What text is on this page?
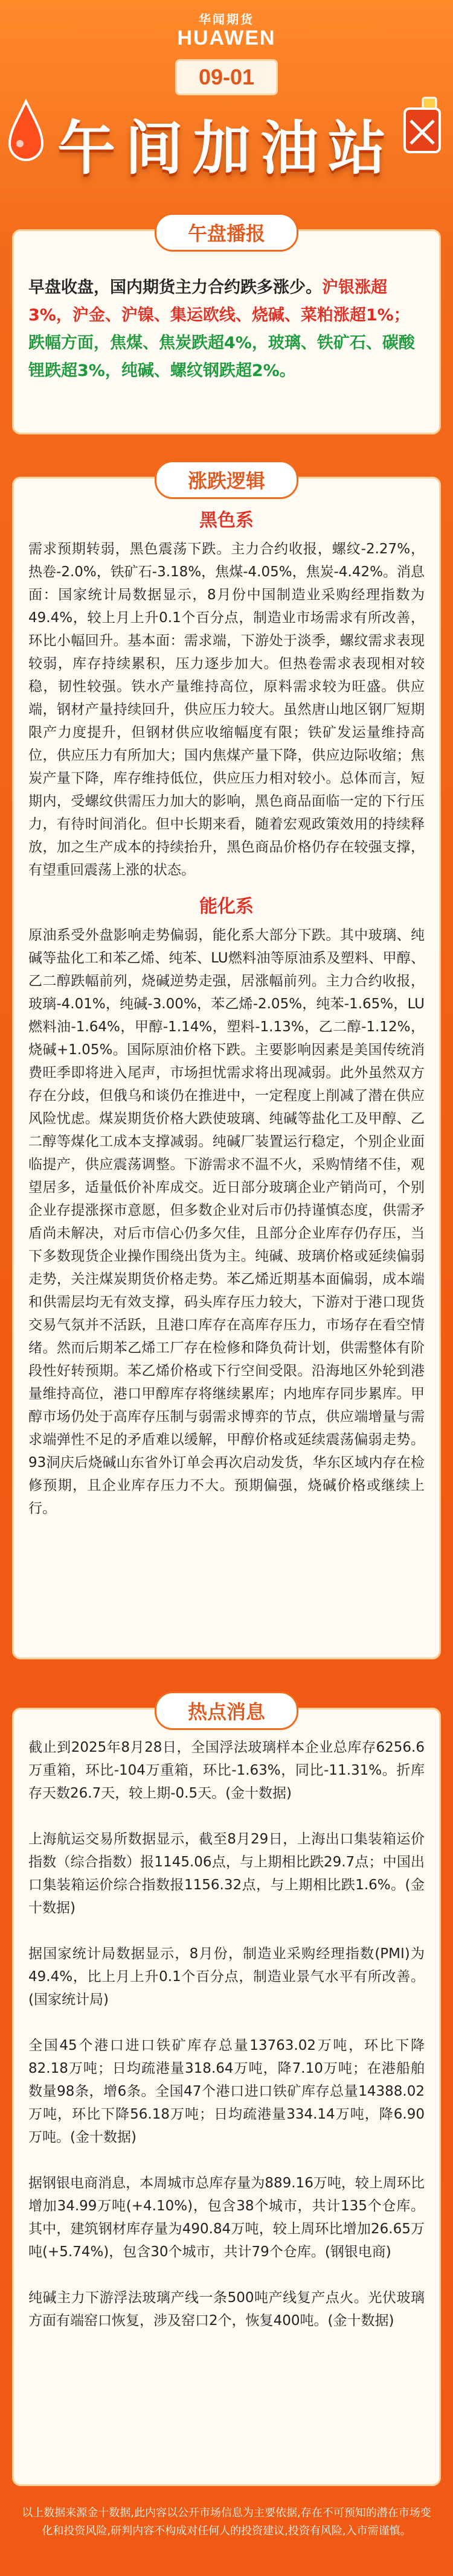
华闻期货
HUAWEN
09-01
午间加油站
午盘播报

早盘收盘，国内期货主力合约跌多涨少。沪银涨超3%，沪金、沪镍、集运欧线、烧碱、菜粕涨超1%；跌幅方面，焦煤、焦炭跌超4%，玻璃、铁矿石、碳酸锂跌超3%，纯碱、螺纹钢跌超2%。

涨跌逻辑
黑色系

需求预期转弱，黑色震荡下跌。主力合约收报，螺纹-2.27%，热卷-2.0%，铁矿石-3.18%，焦煤-4.05%，焦炭-4.42%。消息面：国家统计局数据显示，8月份中国制造业采购经理指数为49.4%，较上月上升0.1个百分点，制造业市场需求有所改善，环比小幅回升。基本面：需求端，下游处于淡季，螺纹需求表现较弱，库存持续累积，压力逐步加大。但热卷需求表现相对较稳，韧性较强。铁水产量维持高位，原料需求较为旺盛。供应端，钢材产量持续回升，供应压力较大。虽然唐山地区钢厂短期限产力度提升，但钢材供应收缩幅度有限；铁矿发运量维持高位，供应压力有所加大；国内焦煤产量下降，供应边际收缩；焦炭产量下降，库存维持低位，供应压力相对较小。总体而言，短期内，受螺纹供需压力加大的影响，黑色商品面临一定的下行压力，有待时间消化。但中长期来看，随着宏观政策效用的持续释放，加之生产成本的持续抬升，黑色商品价格仍存在较强支撑，有望重回震荡上涨的状态。

能化系

原油系受外盘影响走势偏弱，能化系大部分下跌。其中玻璃、纯碱等盐化工和苯乙烯、纯苯、LU燃料油等原油系及塑料、甲醇、乙二醇跌幅前列，烧碱逆势走强，居涨幅前列。主力合约收报，玻璃-4.01%，纯碱-3.00%，苯乙烯-2.05%，纯苯-1.65%，LU燃料油-1.64%，甲醇-1.14%，塑料-1.13%，乙二醇-1.12%，烧碱+1.05%。国际原油价格下跌。主要影响因素是美国传统消费旺季即将进入尾声，市场担忧需求将出现减弱。此外虽然双方存在分歧，但俄乌和谈仍在推进中，一定程度上削减了潜在供应风险忧虑。煤炭期货价格大跌使玻璃、纯碱等盐化工及甲醇、乙二醇等煤化工成本支撑减弱。纯碱厂装置运行稳定，个别企业面临提产，供应震荡调整。下游需求不温不火，采购情绪不佳，观望居多，适量低价补库成交。近日部分玻璃企业产销尚可，个别企业存提涨探市意愿，但多数企业对后市仍持谨慎态度，供需矛盾尚未解决，对后市信心仍多欠佳，且部分企业库存仍存压，当下多数现货企业操作围绕出货为主。纯碱、玻璃价格或延续偏弱走势，关注煤炭期货价格走势。苯乙烯近期基本面偏弱，成本端和供需层均无有效支撑，码头库存压力较大，下游对于港口现货交易气氛并不活跃，且港口库存在高库存压力，市场存在看空情绪。然而后期苯乙烯工厂存在检修和降负荷计划，供需整体有阶段性好转预期。苯乙烯价格或下行空间受限。沿海地区外轮到港量维持高位，港口甲醇库存将继续累库；内地库存同步累库。甲醇市场仍处于高库存压制与弱需求博弈的节点，供应端增量与需求端弹性不足的矛盾难以缓解，甲醇价格或延续震荡偏弱走势。93洞庆后烧碱山东省外订单会再次启动发货，华东区域内存在检修预期，且企业库存压力不大。预期偏强，烧碱价格或继续上行。

热点消息

截止到2025年8月28日，全国浮法玻璃样本企业总库存6256.6万重箱，环比-104万重箱，环比-1.63%，同比-11.31%。折库存天数26.7天，较上期-0.5天。(金十数据)

上海航运交易所数据显示，截至8月29日，上海出口集装箱运价指数（综合指数）报1145.06点，与上期相比跌29.7点；中国出口集装箱运价综合指数报1156.32点，与上期相比跌1.6%。(金十数据)

据国家统计局数据显示，8月份，制造业采购经理指数(PMI)为49.4%，比上月上升0.1个百分点，制造业景气水平有所改善。(国家统计局)

全国45个港口进口铁矿库存总量13763.02万吨，环比下降82.18万吨；日均疏港量318.64万吨，降7.10万吨；在港船舶数量98条，增6条。全国47个港口进口铁矿库存总量14388.02万吨，环比下降56.18万吨；日均疏港量334.14万吨，降6.90万吨。(金十数据)

据钢银电商消息，本周城市总库存量为889.16万吨，较上周环比增加34.99万吨(+4.10%)，包含38个城市，共计135个仓库。其中，建筑钢材库存量为490.84万吨，较上周环比增加26.65万吨(+5.74%)，包含30个城市，共计79个仓库。(钢银电商)

纯碱主力下游浮法玻璃产线一条500吨产线复产点火。光伏玻璃方面有端窑口恢复，涉及窑口2个，恢复400吨。(金十数据)

以上数据来源金十数据,此内容以公开市场信息为主要依据,存在不可预知的潜在市场变化和投资风险,研判内容不构成对任何人的投资建议,投资有风险,入市需谨慎。
